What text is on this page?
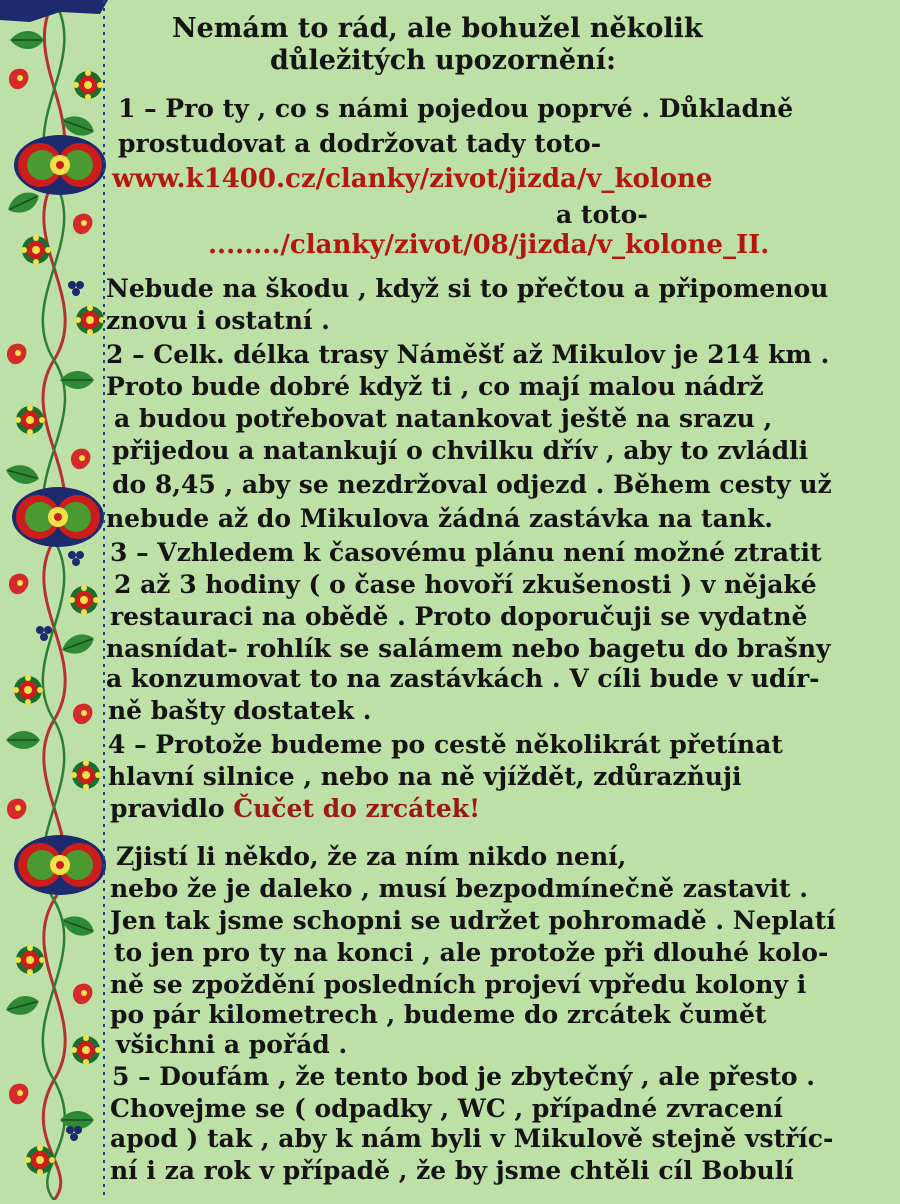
Nemám to rád, ale bohužel několik
důležitých upozornění:
1 – Pro ty , co s námi pojedou poprvé . Důkladně
prostudovat a dodržovat tady toto-
www.k1400.cz/clanky/zivot/jizda/v_kolone
a toto-
......../clanky/zivot/08/jizda/v_kolone_II.
Nebude na škodu , když si to přečtou a připomenou
znovu i ostatní .
2 – Celk. délka trasy Náměšť až Mikulov je 214 km .
Proto bude dobré když ti , co mají malou nádrž
a budou potřebovat natankovat ještě na srazu ,
přijedou a natankují o chvilku dřív , aby to zvládli
do 8,45 , aby se nezdržoval odjezd . Během cesty už
nebude až do Mikulova žádná zastávka na tank.
3 – Vzhledem k časovému plánu není možné ztratit
2 až 3 hodiny ( o čase hovoří zkušenosti ) v nějaké
restauraci na obědě . Proto doporučuji se vydatně
nasnídat- rohlík se salámem nebo bagetu do brašny
a konzumovat to na zastávkách . V cíli bude v udír-
ně bašty dostatek .
4 – Protože budeme po cestě několikrát přetínat
hlavní silnice , nebo na ně vjíždět, zdůrazňuji
pravidlo Čučet do zrcátek!
Zjistí li někdo, že za ním nikdo není,
nebo že je daleko , musí bezpodmínečně zastavit .
Jen tak jsme schopni se udržet pohromadě . Neplatí
to jen pro ty na konci , ale protože při dlouhé kolo-
ně se zpoždění posledních projeví vpředu kolony i
po pár kilometrech , budeme do zrcátek čumět
všichni a pořád .
5 – Doufám , že tento bod je zbytečný , ale přesto .
Chovejme se ( odpadky , WC , případné zvracení
apod ) tak , aby k nám byli v Mikulově stejně vstříc-
ní i za rok v případě , že by jsme chtěli cíl Bobulí
